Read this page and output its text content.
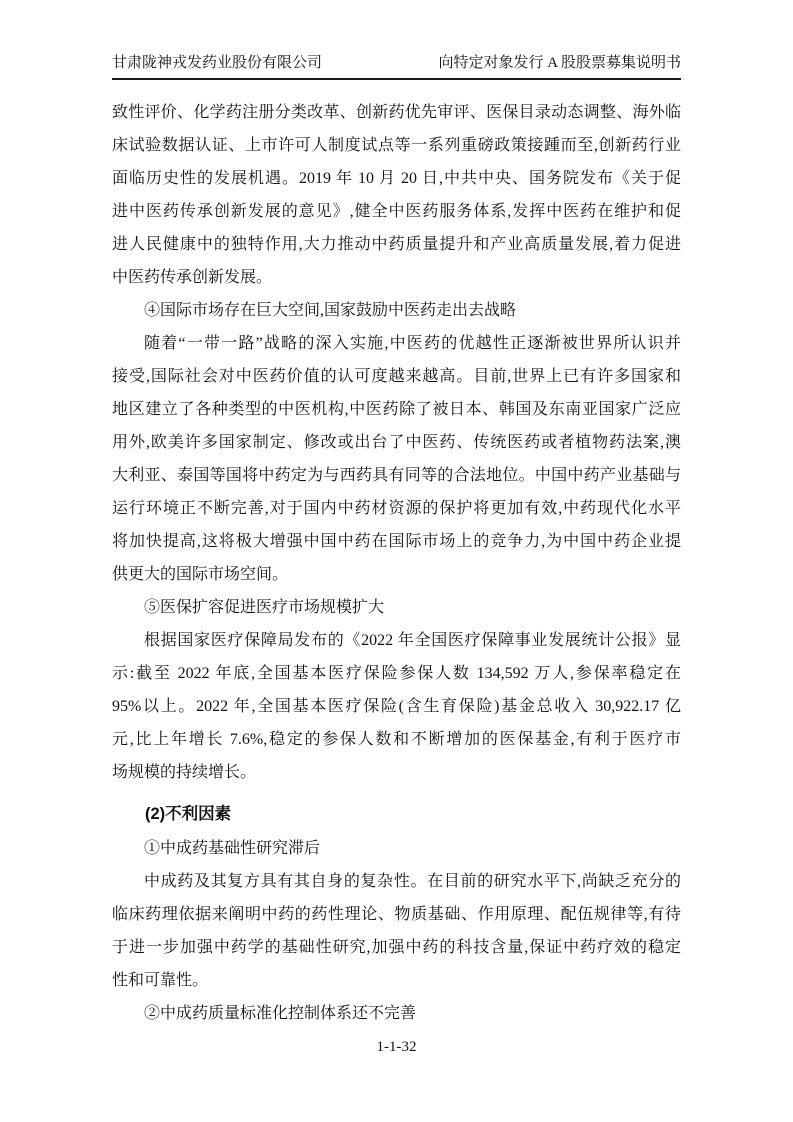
甘肃陇神戎发药业股份有限公司	向特定对象发行 A 股股票募集说明书
致性评价、化学药注册分类改革、创新药优先审评、医保目录动态调整、海外临
床试验数据认证、上市许可人制度试点等一系列重磅政策接踵而至,创新药行业
面临历史性的发展机遇。2019 年 10 月 20 日,中共中央、国务院发布《关于促
进中医药传承创新发展的意见》,健全中医药服务体系,发挥中医药在维护和促
进人民健康中的独特作用,大力推动中药质量提升和产业高质量发展,着力促进
中医药传承创新发展。
④国际市场存在巨大空间,国家鼓励中医药走出去战略
随着“一带一路”战略的深入实施,中医药的优越性正逐渐被世界所认识并
接受,国际社会对中医药价值的认可度越来越高。目前,世界上已有许多国家和
地区建立了各种类型的中医机构,中医药除了被日本、韩国及东南亚国家广泛应
用外,欧美许多国家制定、修改或出台了中医药、传统医药或者植物药法案,澳
大利亚、泰国等国将中药定为与西药具有同等的合法地位。中国中药产业基础与
运行环境正不断完善,对于国内中药材资源的保护将更加有效,中药现代化水平
将加快提高,这将极大增强中国中药在国际市场上的竞争力,为中国中药企业提
供更大的国际市场空间。
⑤医保扩容促进医疗市场规模扩大
根据国家医疗保障局发布的《2022 年全国医疗保障事业发展统计公报》显
示:截至 2022 年底,全国基本医疗保险参保人数 134,592 万人,参保率稳定在
95%以上。2022 年,全国基本医疗保险(含生育保险)基金总收入 30,922.17 亿
元,比上年增长 7.6%,稳定的参保人数和不断增加的医保基金,有利于医疗市
场规模的持续增长。
(2)不利因素
①中成药基础性研究滞后
中成药及其复方具有其自身的复杂性。在目前的研究水平下,尚缺乏充分的
临床药理依据来阐明中药的药性理论、物质基础、作用原理、配伍规律等,有待
于进一步加强中药学的基础性研究,加强中药的科技含量,保证中药疗效的稳定
性和可靠性。
②中成药质量标准化控制体系还不完善
1-1-32
